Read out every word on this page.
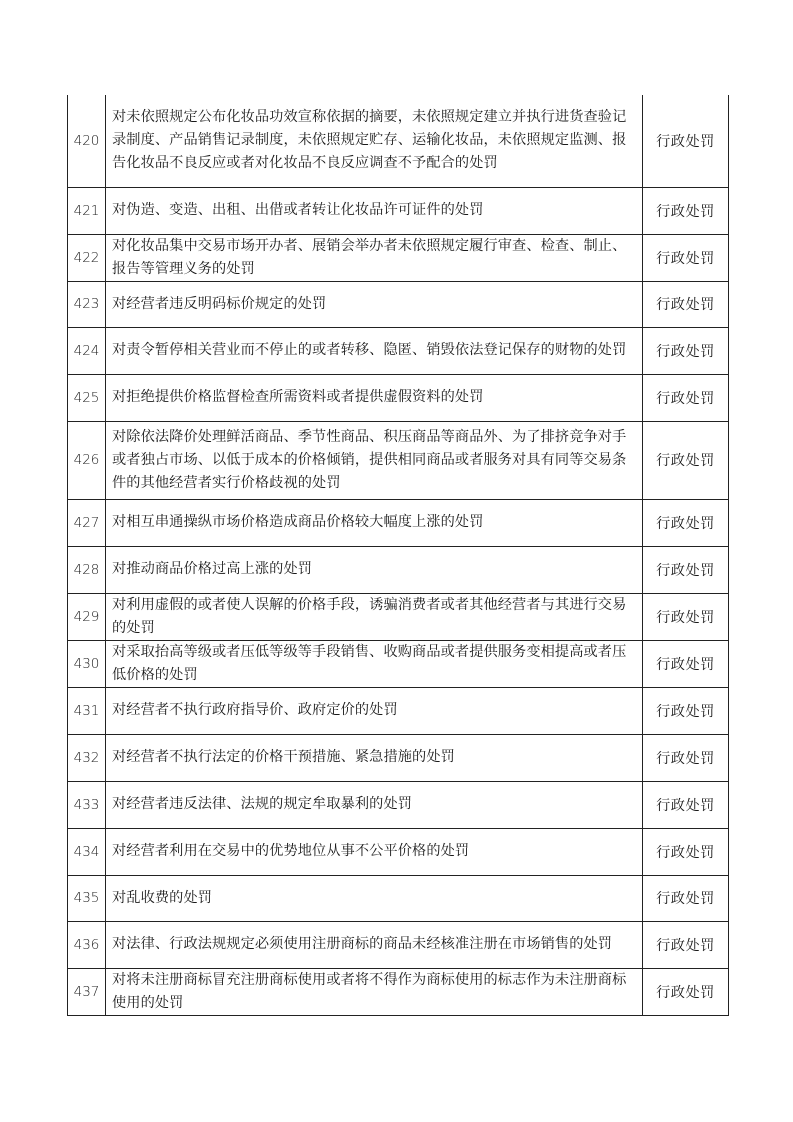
420	对未依照规定公布化妆品功效宣称依据的摘要，未依照规定建立并执行进货查验记录制度、产品销售记录制度，未依照规定贮存、运输化妆品，未依照规定监测、报告化妆品不良反应或者对化妆品不良反应调查不予配合的处罚	行政处罚
421	对伪造、变造、出租、出借或者转让化妆品许可证件的处罚	行政处罚
422	对化妆品集中交易市场开办者、展销会举办者未依照规定履行审查、检查、制止、报告等管理义务的处罚	行政处罚
423	对经营者违反明码标价规定的处罚	行政处罚
424	对责令暂停相关营业而不停止的或者转移、隐匿、销毁依法登记保存的财物的处罚	行政处罚
425	对拒绝提供价格监督检查所需资料或者提供虚假资料的处罚	行政处罚
426	对除依法降价处理鲜活商品、季节性商品、积压商品等商品外、为了排挤竞争对手或者独占市场、以低于成本的价格倾销，提供相同商品或者服务对具有同等交易条件的其他经营者实行价格歧视的处罚	行政处罚
427	对相互串通操纵市场价格造成商品价格较大幅度上涨的处罚	行政处罚
428	对推动商品价格过高上涨的处罚	行政处罚
429	对利用虚假的或者使人误解的价格手段，诱骗消费者或者其他经营者与其进行交易的处罚	行政处罚
430	对采取抬高等级或者压低等级等手段销售、收购商品或者提供服务变相提高或者压低价格的处罚	行政处罚
431	对经营者不执行政府指导价、政府定价的处罚	行政处罚
432	对经营者不执行法定的价格干预措施、紧急措施的处罚	行政处罚
433	对经营者违反法律、法规的规定牟取暴利的处罚	行政处罚
434	对经营者利用在交易中的优势地位从事不公平价格的处罚	行政处罚
435	对乱收费的处罚	行政处罚
436	对法律、行政法规规定必须使用注册商标的商品未经核准注册在市场销售的处罚	行政处罚
437	对将未注册商标冒充注册商标使用或者将不得作为商标使用的标志作为未注册商标使用的处罚	行政处罚
